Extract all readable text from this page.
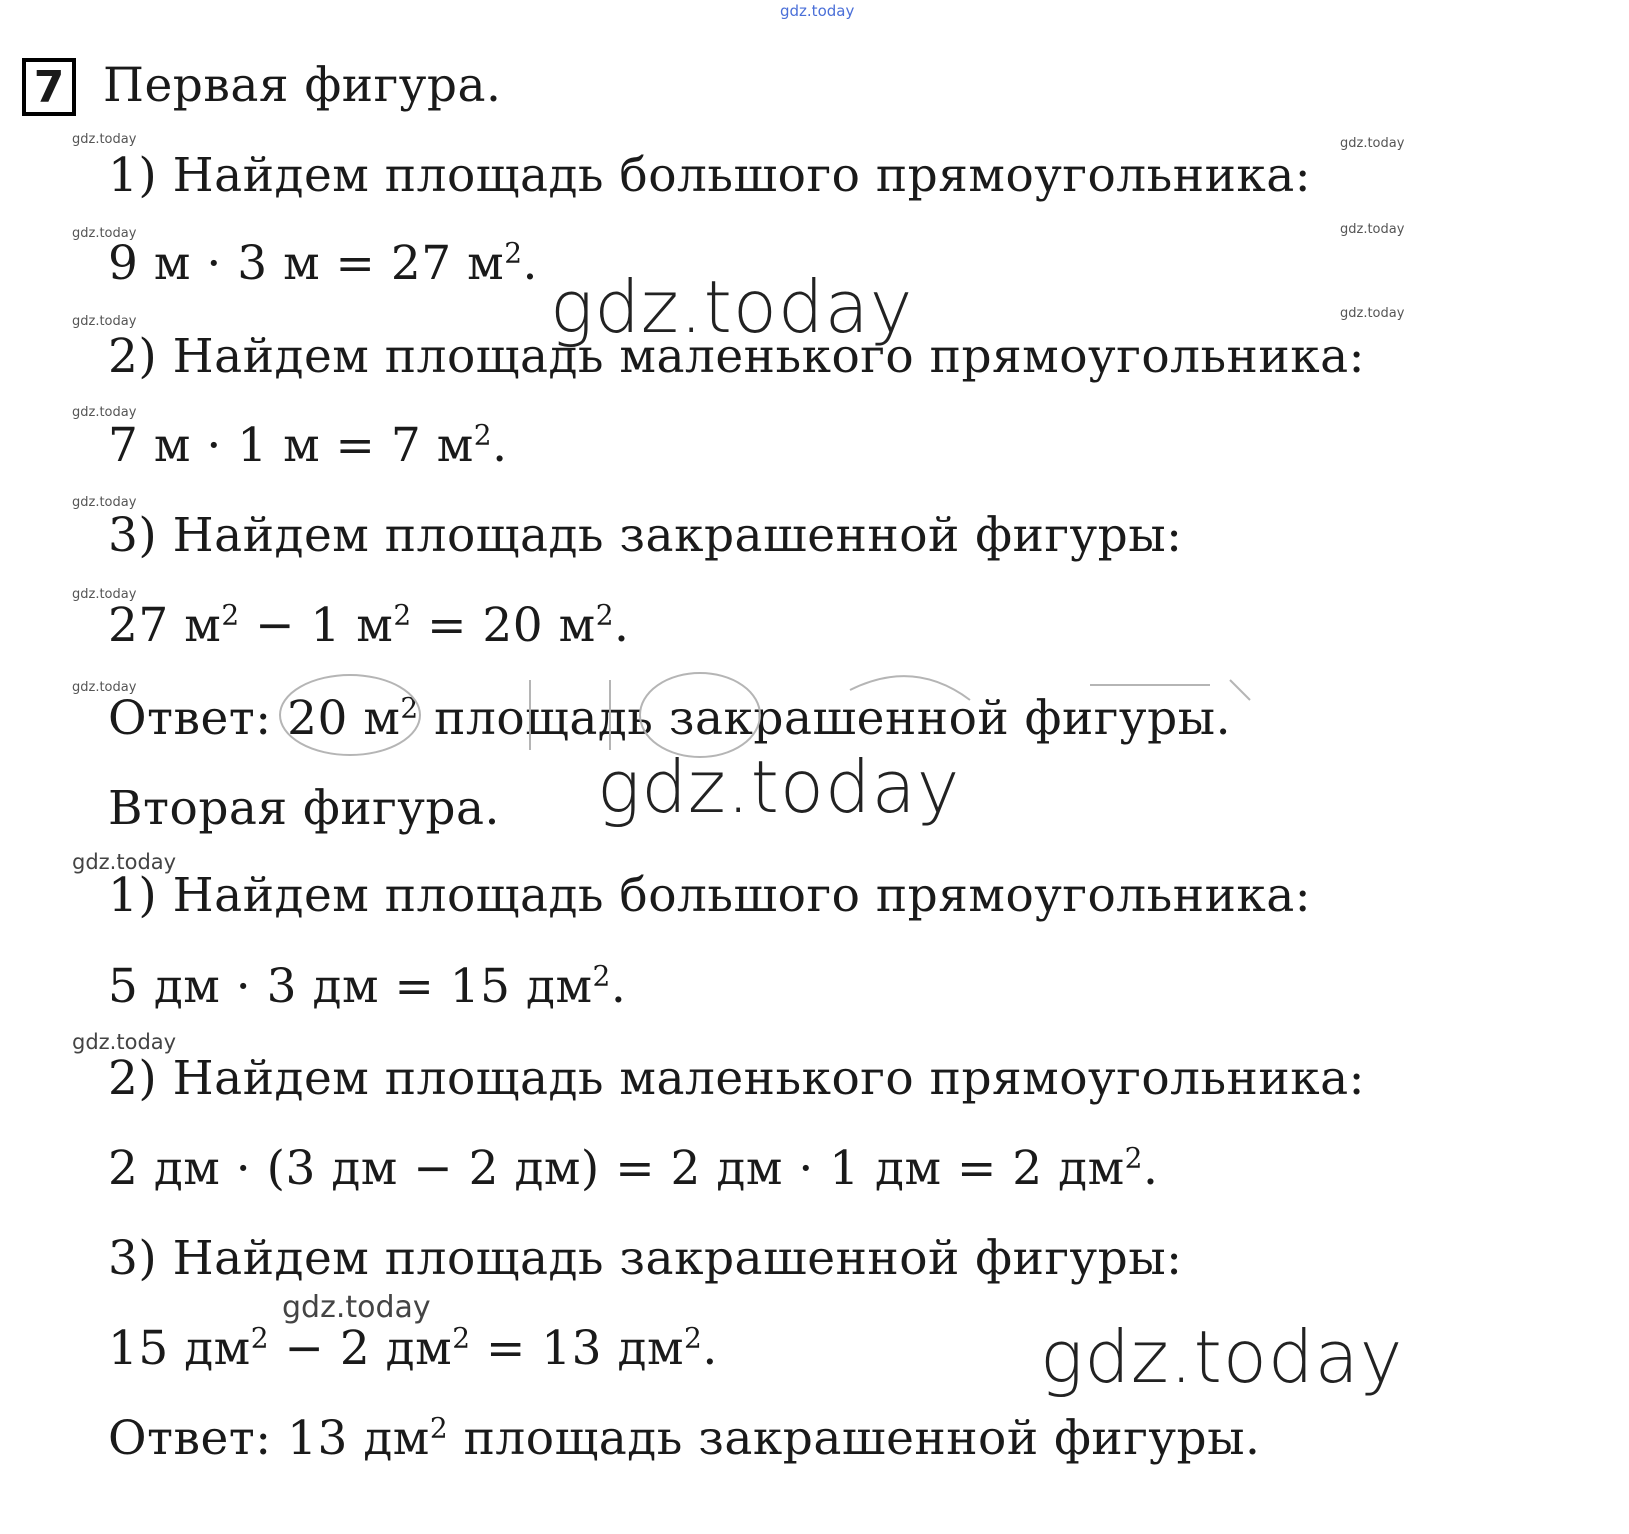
gdz.today
7 Первая фигура.
1) Найдем площадь большого прямоугольника:
9 м · 3 м = 27 $м^2$.
2) Найдем площадь маленького прямоугольника:
7 м · 1 м = 7 $м^2$.
3) Найдем площадь закрашенной фигуры:
27 $м^2 - 1$ $м^2 = 20$ $м^2$.
Ответ: 20 $м^2$ площадь закрашенной фигуры.
Вторая фигура.
1) Найдем площадь большого прямоугольника:
5 дм · 3 дм = 15 $дм^2$.
2) Найдем площадь маленького прямоугольника:
2 дм · (3 дм − 2 дм) = 2 дм · 1 дм = 2 $дм^2$.
3) Найдем площадь закрашенной фигуры:
15 $дм^2 - 2$ $дм^2 = 13$ $дм^2$.
Ответ: 13 $дм^2$ площадь закрашенной фигуры.
gdz.today	gdz.today
gdz.today	gdz.today
gdz.today
gdz.today
gdz.today
gdz.today
gdz.today
gdz.today
gdz.today
gdz.today
gdz.today
gdz.today
gdz.today
gdz.today
